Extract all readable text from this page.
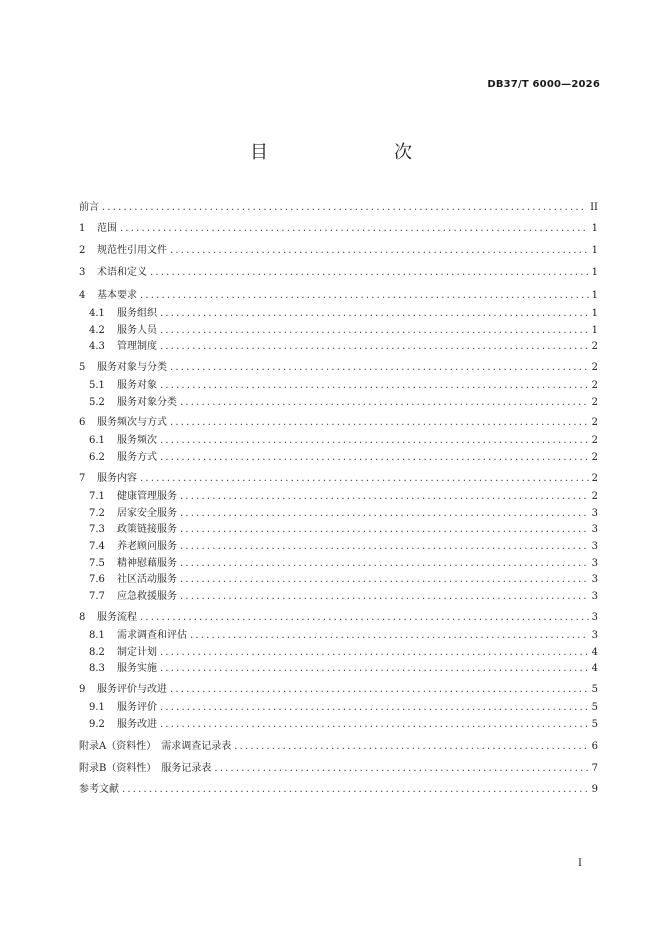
DB37/T 6000—2026
目　　次
前言 .....	II
1	范围 .....	1
2	规范性引用文件 .....	1
3	术语和定义 .....	1
4	基本要求 .....	1
4.1	服务组织 .....	1
4.2	服务人员 .....	1
4.3	管理制度 .....	2
5	服务对象与分类 .....	2
5.1	服务对象 .....	2
5.2	服务对象分类 .....	2
6	服务频次与方式 .....	2
6.1	服务频次 .....	2
6.2	服务方式 .....	2
7	服务内容 .....	2
7.1	健康管理服务 .....	2
7.2	居家安全服务 .....	3
7.3	政策链接服务 .....	3
7.4	养老顾问服务 .....	3
7.5	精神慰藉服务 .....	3
7.6	社区活动服务 .....	3
7.7	应急救援服务 .....	3
8	服务流程 .....	3
8.1	需求调查和评估 .....	3
8.2	制定计划 .....	4
8.3	服务实施 .....	4
9	服务评价与改进 .....	5
9.1	服务评价 .....	5
9.2	服务改进 .....	5
附录A（资料性）　需求调查记录表 .....	6
附录B（资料性）　服务记录表 .....	7
参考文献 .....	9
I
